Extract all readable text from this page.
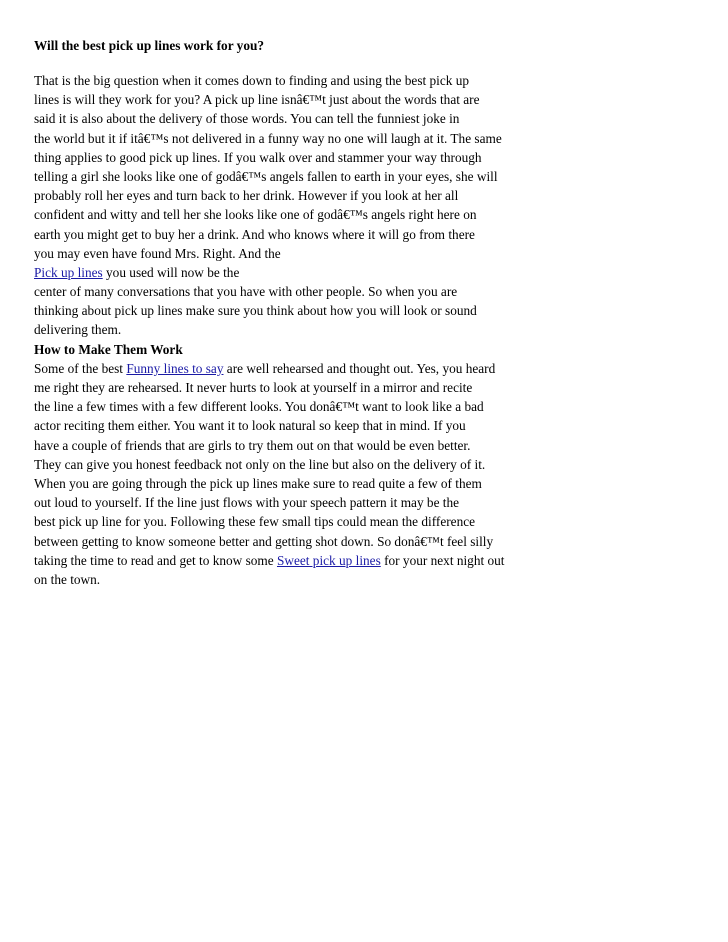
Will the best pick up lines work for you?
That is the big question when it comes down to finding and using the best pick up
lines is will they work for you? A pick up line isnâ€™t just about the words that are
said it is also about the delivery of those words. You can tell the funniest joke in
the world but it if itâ€™s not delivered in a funny way no one will laugh at it. The same
thing applies to good pick up lines. If you walk over and stammer your way through
telling a girl she looks like one of godâ€™s angels fallen to earth in your eyes, she will
probably roll her eyes and turn back to her drink. However if you look at her all
confident and witty and tell her she looks like one of godâ€™s angels right here on
earth you might get to buy her a drink. And who knows where it will go from there
you may even have found Mrs. Right. And the
Pick up lines you used will now be the
center of many conversations that you have with other people. So when you are
thinking about pick up lines make sure you think about how you will look or sound
delivering them.
How to Make Them Work
Some of the best Funny lines to say are well rehearsed and thought out. Yes, you heard
me right they are rehearsed. It never hurts to look at yourself in a mirror and recite
the line a few times with a few different looks. You donâ€™t want to look like a bad
actor reciting them either. You want it to look natural so keep that in mind. If you
have a couple of friends that are girls to try them out on that would be even better.
They can give you honest feedback not only on the line but also on the delivery of it.
When you are going through the pick up lines make sure to read quite a few of them
out loud to yourself. If the line just flows with your speech pattern it may be the
best pick up line for you. Following these few small tips could mean the difference
between getting to know someone better and getting shot down. So donâ€™t feel silly
taking the time to read and get to know some Sweet pick up lines for your next night out
on the town.
